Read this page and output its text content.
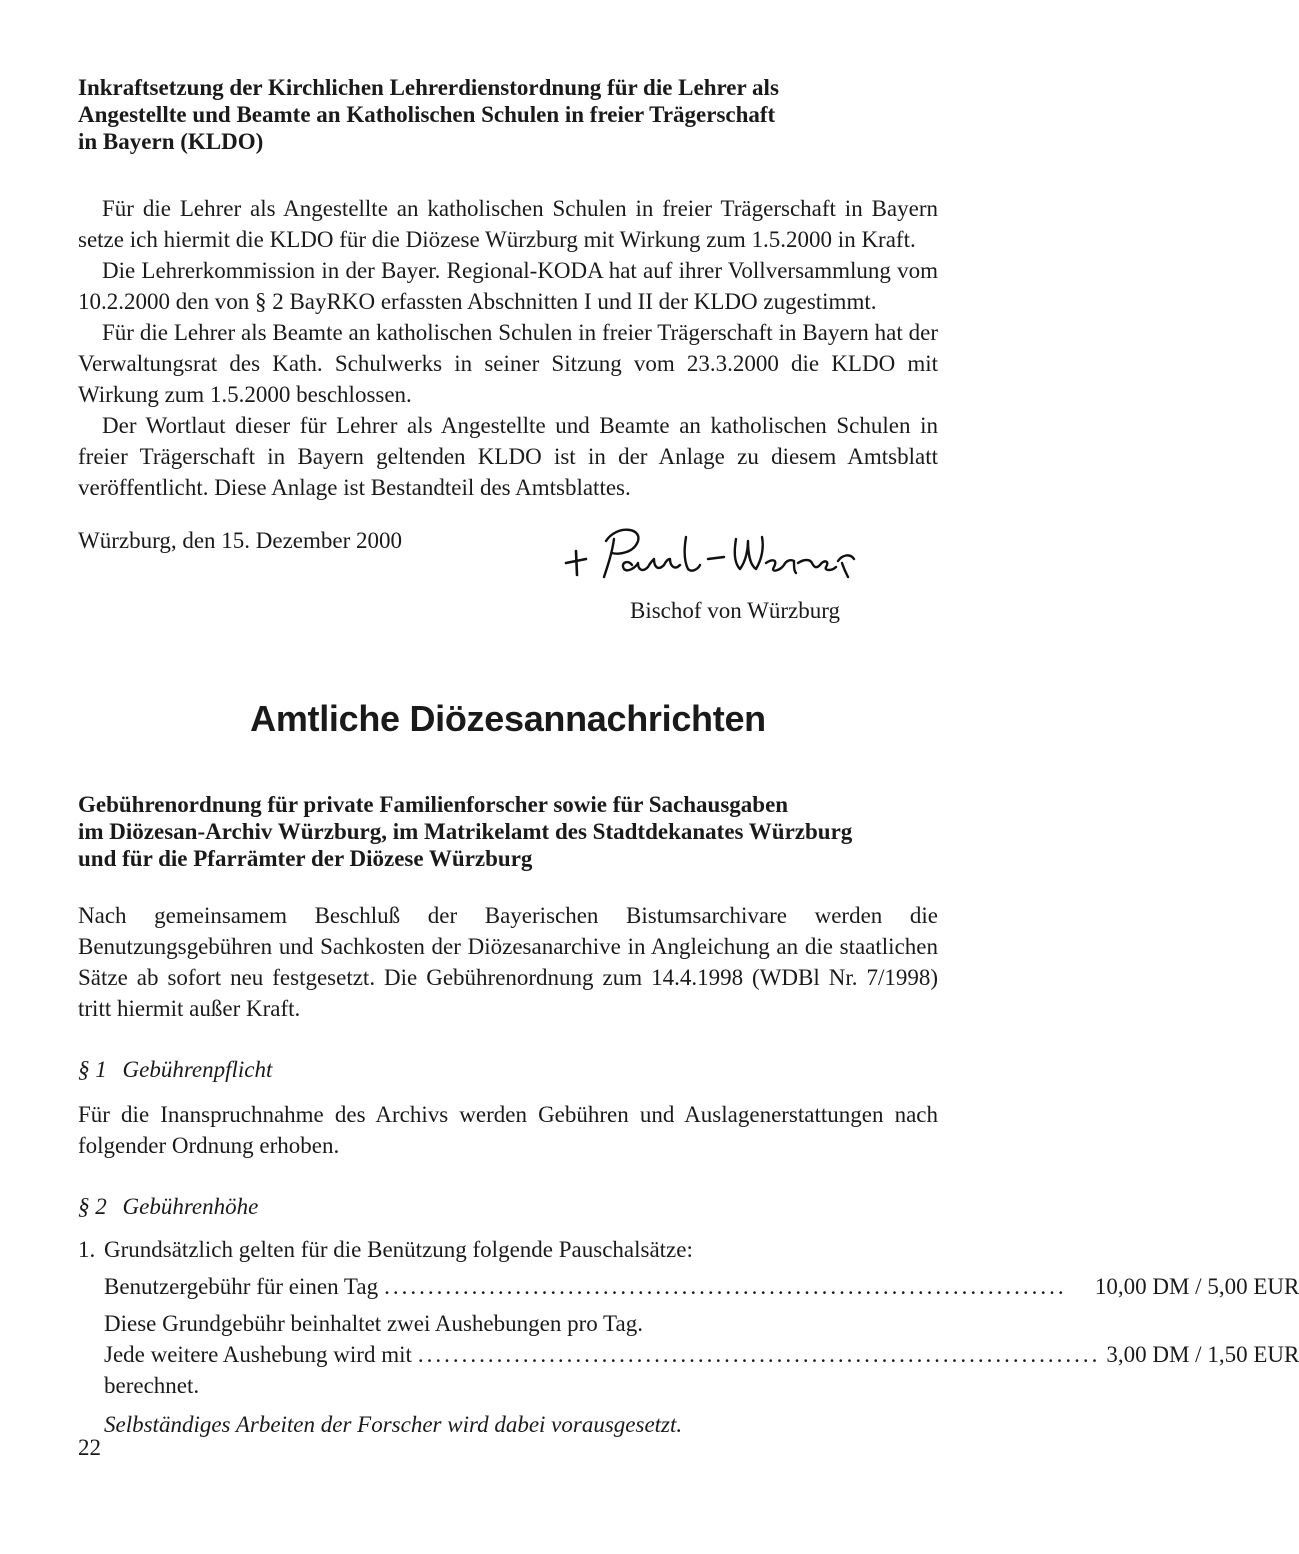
Inkraftsetzung der Kirchlichen Lehrerdienstordnung für die Lehrer als
Angestellte und Beamte an Katholischen Schulen in freier Trägerschaft
in Bayern (KLDO)

Für die Lehrer als Angestellte an katholischen Schulen in freier Trägerschaft in Bayern setze ich hiermit die KLDO für die Diözese Würzburg mit Wirkung zum 1.5.2000 in Kraft.

Die Lehrerkommission in der Bayer. Regional-KODA hat auf ihrer Vollversammlung vom 10.2.2000 den von § 2 BayRKO erfassten Abschnitten I und II der KLDO zugestimmt.

Für die Lehrer als Beamte an katholischen Schulen in freier Trägerschaft in Bayern hat der Verwaltungsrat des Kath. Schulwerks in seiner Sitzung vom 23.3.2000 die KLDO mit Wirkung zum 1.5.2000 beschlossen.

Der Wortlaut dieser für Lehrer als Angestellte und Beamte an katholischen Schulen in freier Trägerschaft in Bayern geltenden KLDO ist in der Anlage zu diesem Amtsblatt veröffentlicht. Diese Anlage ist Bestandteil des Amtsblattes.

Würzburg, den 15. Dezember 2000
Bischof von Würzburg
Amtliche Diözesannachrichten
Gebührenordnung für private Familienforscher sowie für Sachausgaben
im Diözesan-Archiv Würzburg, im Matrikelamt des Stadtdekanates Würzburg
und für die Pfarrämter der Diözese Würzburg

Nach gemeinsamem Beschluß der Bayerischen Bistumsarchivare werden die Benutzungsgebühren und Sachkosten der Diözesanarchive in Angleichung an die staatlichen Sätze ab sofort neu festgesetzt. Die Gebührenordnung zum 14.4.1998 (WDBl Nr. 7/1998) tritt hiermit außer Kraft.

§ 1 Gebührenpflicht

Für die Inanspruchnahme des Archivs werden Gebühren und Auslagenerstattungen nach folgender Ordnung erhoben.

§ 2 Gebührenhöhe
1. Grundsätzlich gelten für die Benützung folgende Pauschalsätze:
Benutzergebühr für einen Tag ..............................................................................	10,00 DM / 5,00 EUR
Diese Grundgebühr beinhaltet zwei Aushebungen pro Tag.
Jede weitere Aushebung wird mit .............................................................................. 3,00 DM / 1,50 EUR
berechnet.
Selbständiges Arbeiten der Forscher wird dabei vorausgesetzt.
22
